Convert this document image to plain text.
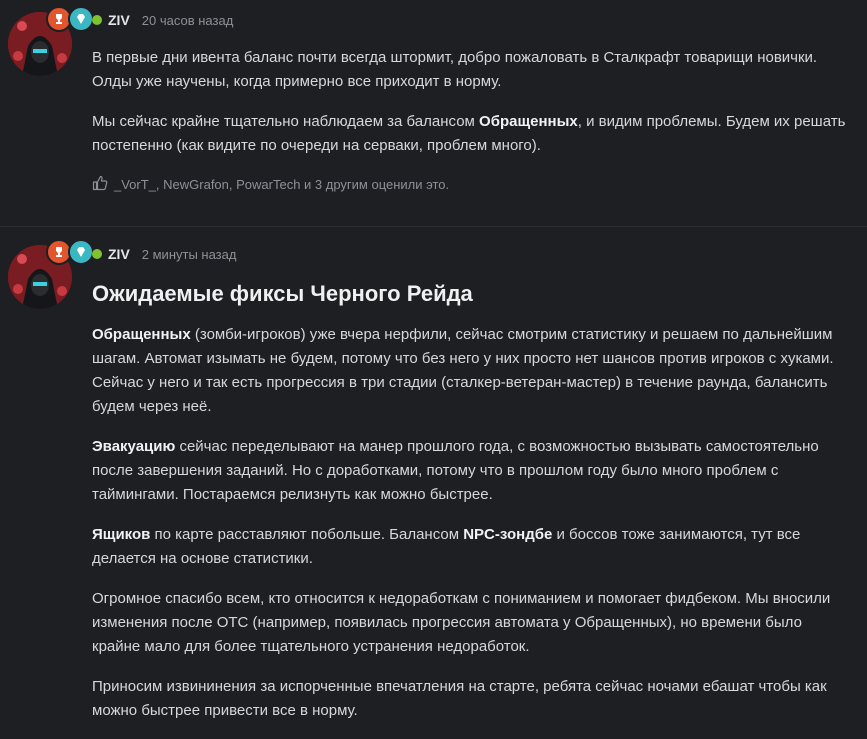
ZIV 20 часов назад

В первые дни ивента баланс почти всегда штормит, добро пожаловать в Сталкрафт товарищи новички. Олды уже научены, когда примерно все приходит в норму.

Мы сейчас крайне тщательно наблюдаем за балансом Обращенных, и видим проблемы. Будем их решать постепенно (как видите по очереди на серваки, проблем много).

_VorT_, NewGrafon, PowarTech и 3 другим оценили это.
ZIV 2 минуты назад
Ожидаемые фиксы Черного Рейда

Обращенных (зомби-игроков) уже вчера нерфили, сейчас смотрим статистику и решаем по дальнейшим шагам. Автомат изымать не будем, потому что без него у них просто нет шансов против игроков с хуками. Сейчас у него и так есть прогрессия в три стадии (сталкер-ветеран-мастер) в течение раунда, балансить будем через неё.

Эвакуацию сейчас переделывают на манер прошлого года, с возможностью вызывать самостоятельно после завершения заданий. Но с доработками, потому что в прошлом году было много проблем с таймингами. Постараемся релизнуть как можно быстрее.

Ящиков по карте расставляют побольше. Балансом NPC-зондбе и боссов тоже занимаются, тут все делается на основе статистики.

Огромное спасибо всем, кто относится к недоработкам с пониманием и помогает фидбеком. Мы вносили изменения после ОТС (например, появилась прогрессия автомата у Обращенных), но времени было крайне мало для более тщательного устранения недоработок.

Приносим извининения за испорченные впечатления на старте, ребята сейчас ночами ебашат чтобы как можно быстрее привести все в норму.
